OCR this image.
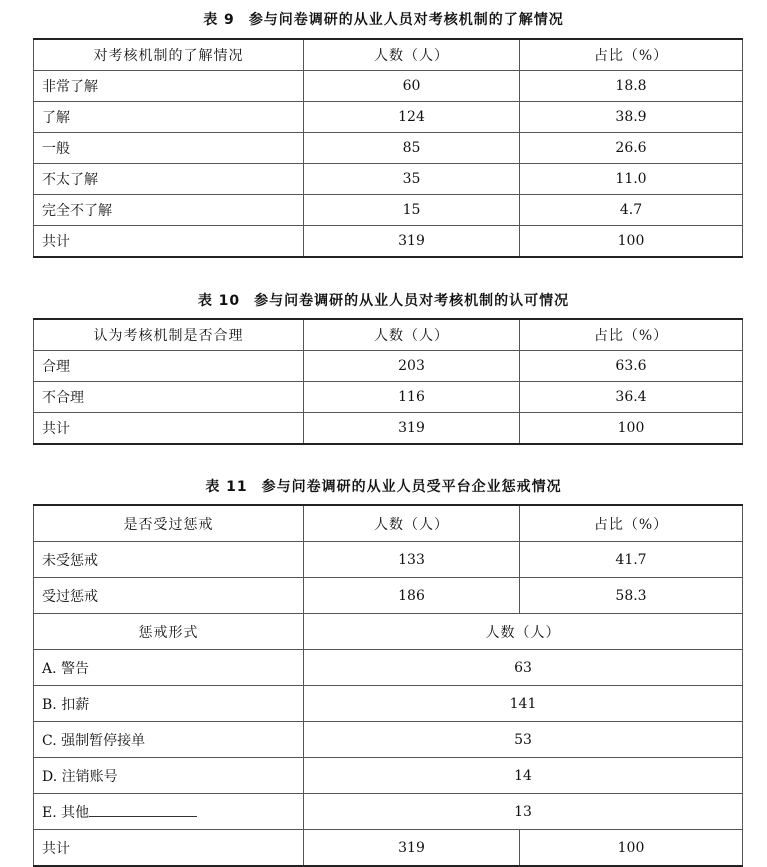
表 9 参与问卷调研的从业人员对考核机制的了解情况
对考核机制的了解情况	人数（人）	占比（%）
非常了解	60	18.8
了解	124	38.9
一般	85	26.6
不太了解	35	11.0
完全不了解	15	4.7
共计	319	100
表 10 参与问卷调研的从业人员对考核机制的认可情况
认为考核机制是否合理	人数（人）	占比（%）
合理	203	63.6
不合理	116	36.4
共计	319	100
表 11 参与问卷调研的从业人员受平台企业惩戒情况
是否受过惩戒	人数（人）	占比（%）
未受惩戒	133	41.7
受过惩戒	186	58.3
惩戒形式	人数（人）	
A. 警告	63	
B. 扣薪	141	
C. 强制暂停接单	53	
D. 注销账号	14	
E. 其他	13	
共计	319	100
